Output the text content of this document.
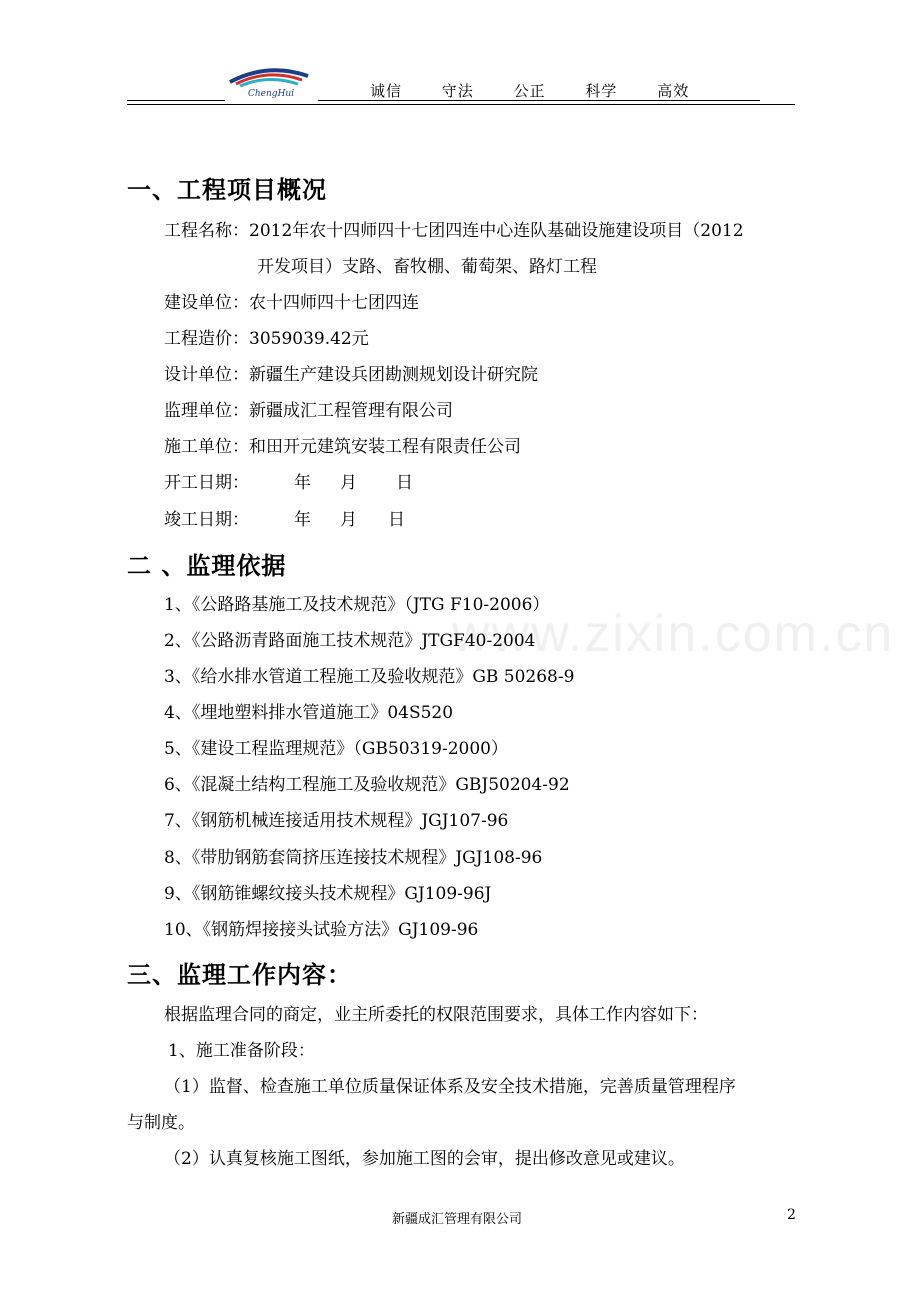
ChengHui	诚信	守法	公正	科学	高效
www.zixin.com.cn
一、工程项目概况
工程名称：2012年农十四师四十七团四连中心连队基础设施建设项目（2012
开发项目）支路、畜牧棚、葡萄架、路灯工程
建设单位：农十四师四十七团四连
工程造价：3059039.42元
设计单位：新疆生产建设兵团勘测规划设计研究院
监理单位：新疆成汇工程管理有限公司
施工单位：和田开元建筑安装工程有限责任公司
开工日期：	年 月 日
竣工日期：	年 月 日
二 、监理依据
1、《公路路基施工及技术规范》（JTG F10-2006）
2、《公路沥青路面施工技术规范》JTGF40-2004
3、《给水排水管道工程施工及验收规范》GB 50268-9
4、《埋地塑料排水管道施工》04S520
5、《建设工程监理规范》（GB50319-2000）
6、《混凝土结构工程施工及验收规范》GBJ50204-92
7、《钢筋机械连接适用技术规程》JGJ107-96
8、《带肋钢筋套筒挤压连接技术规程》JGJ108-96
9、《钢筋锥螺纹接头技术规程》GJ109-96J
10、《钢筋焊接接头试验方法》GJ109-96
三、监理工作内容：
根据监理合同的商定，业主所委托的权限范围要求，具体工作内容如下：
1、施工准备阶段：
（1）监督、检查施工单位质量保证体系及安全技术措施，完善质量管理程序
与制度。
（2）认真复核施工图纸，参加施工图的会审，提出修改意见或建议。
新疆成汇管理有限公司	2
